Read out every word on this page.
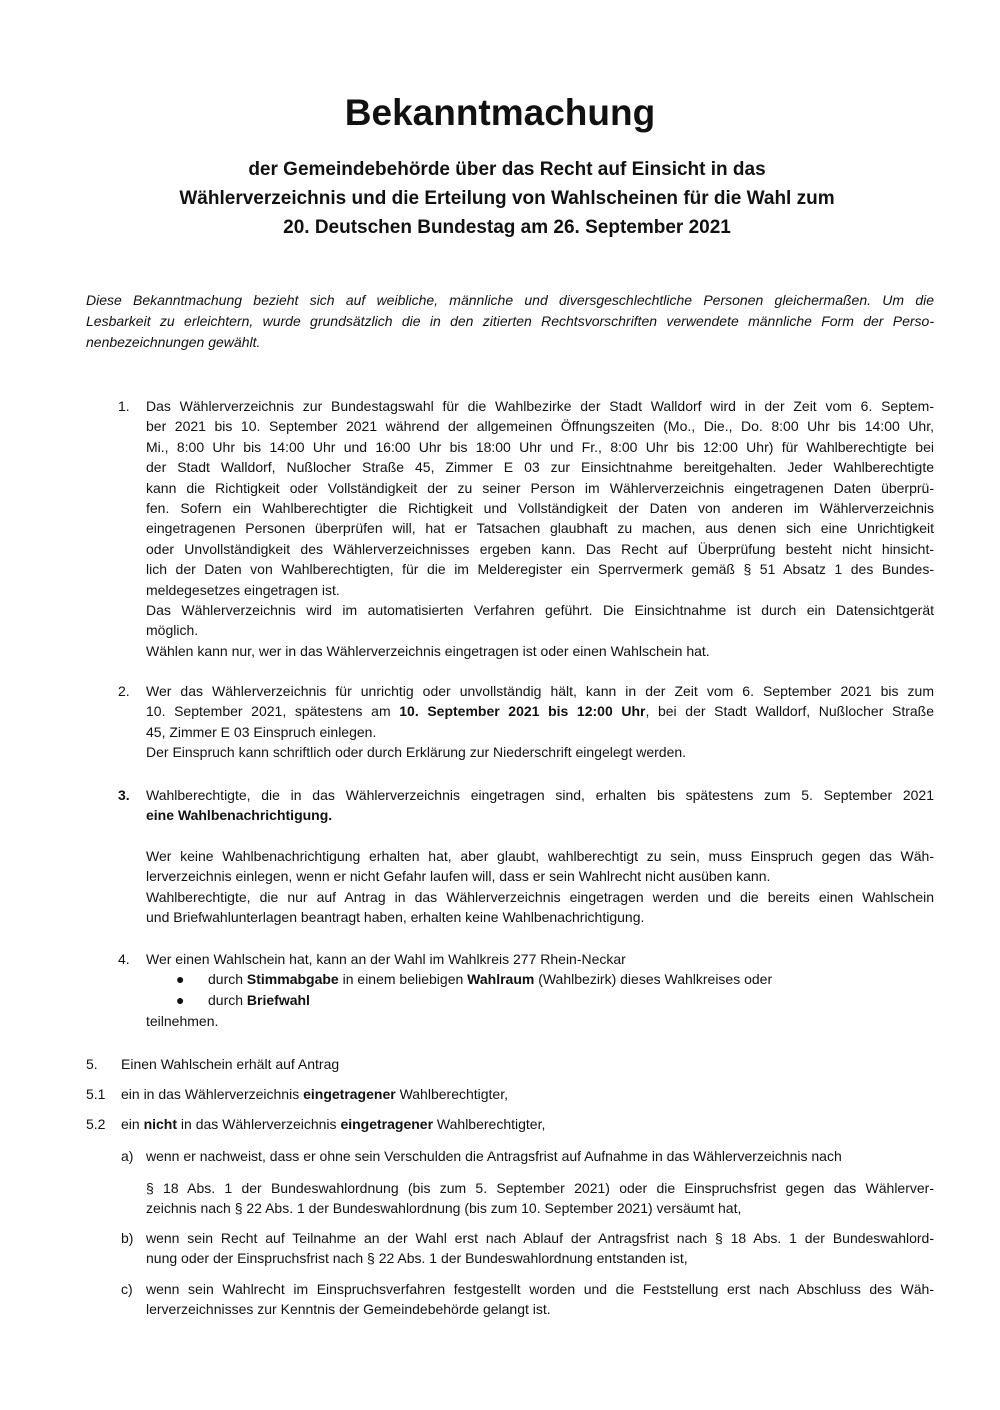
Bekanntmachung
der Gemeindebehörde über das Recht auf Einsicht in das
Wählerverzeichnis und die Erteilung von Wahlscheinen für die Wahl zum
20. Deutschen Bundestag am 26. September 2021
Diese Bekanntmachung bezieht sich auf weibliche, männliche und diversgeschlechtliche Personen gleichermaßen. Um die
Lesbarkeit zu erleichtern, wurde grundsätzlich die in den zitierten Rechtsvorschriften verwendete männliche Form der Perso-
nenbezeichnungen gewählt.
1. Das Wählerverzeichnis zur Bundestagswahl für die Wahlbezirke der Stadt Walldorf wird in der Zeit vom 6. Septem-
ber 2021 bis 10. September 2021 während der allgemeinen Öffnungszeiten (Mo., Die., Do. 8:00 Uhr bis 14:00 Uhr,
Mi., 8:00 Uhr bis 14:00 Uhr und 16:00 Uhr bis 18:00 Uhr und Fr., 8:00 Uhr bis 12:00 Uhr) für Wahlberechtigte bei
der Stadt Walldorf, Nußlocher Straße 45, Zimmer E 03 zur Einsichtnahme bereitgehalten. Jeder Wahlberechtigte
kann die Richtigkeit oder Vollständigkeit der zu seiner Person im Wählerverzeichnis eingetragenen Daten überprü-
fen. Sofern ein Wahlberechtigter die Richtigkeit und Vollständigkeit der Daten von anderen im Wählerverzeichnis
eingetragenen Personen überprüfen will, hat er Tatsachen glaubhaft zu machen, aus denen sich eine Unrichtigkeit
oder Unvollständigkeit des Wählerverzeichnisses ergeben kann. Das Recht auf Überprüfung besteht nicht hinsicht-
lich der Daten von Wahlberechtigten, für die im Melderegister ein Sperrvermerk gemäß § 51 Absatz 1 des Bundes-
meldegesetzes eingetragen ist.
Das Wählerverzeichnis wird im automatisierten Verfahren geführt. Die Einsichtnahme ist durch ein Datensichtgerät
möglich.
Wählen kann nur, wer in das Wählerverzeichnis eingetragen ist oder einen Wahlschein hat.
2. Wer das Wählerverzeichnis für unrichtig oder unvollständig hält, kann in der Zeit vom 6. September 2021 bis zum
10. September 2021, spätestens am 10. September 2021 bis 12:00 Uhr, bei der Stadt Walldorf, Nußlocher Straße
45, Zimmer E 03 Einspruch einlegen.
Der Einspruch kann schriftlich oder durch Erklärung zur Niederschrift eingelegt werden.
3. Wahlberechtigte, die in das Wählerverzeichnis eingetragen sind, erhalten bis spätestens zum 5. September 2021
eine Wahlbenachrichtigung.
Wer keine Wahlbenachrichtigung erhalten hat, aber glaubt, wahlberechtigt zu sein, muss Einspruch gegen das Wäh-
lerverzeichnis einlegen, wenn er nicht Gefahr laufen will, dass er sein Wahlrecht nicht ausüben kann.
Wahlberechtigte, die nur auf Antrag in das Wählerverzeichnis eingetragen werden und die bereits einen Wahlschein
und Briefwahlunterlagen beantragt haben, erhalten keine Wahlbenachrichtigung.
4. Wer einen Wahlschein hat, kann an der Wahl im Wahlkreis 277 Rhein-Neckar
● durch Stimmabgabe in einem beliebigen Wahlraum (Wahlbezirk) dieses Wahlkreises oder
● durch Briefwahl
teilnehmen.
5. Einen Wahlschein erhält auf Antrag
5.1 ein in das Wählerverzeichnis eingetragener Wahlberechtigter,
5.2 ein nicht in das Wählerverzeichnis eingetragener Wahlberechtigter,
a) wenn er nachweist, dass er ohne sein Verschulden die Antragsfrist auf Aufnahme in das Wählerverzeichnis nach
§ 18 Abs. 1 der Bundeswahlordnung (bis zum 5. September 2021) oder die Einspruchsfrist gegen das Wählerver-
zeichnis nach § 22 Abs. 1 der Bundeswahlordnung (bis zum 10. September 2021) versäumt hat,
b) wenn sein Recht auf Teilnahme an der Wahl erst nach Ablauf der Antragsfrist nach § 18 Abs. 1 der Bundeswahlord-
nung oder der Einspruchsfrist nach § 22 Abs. 1 der Bundeswahlordnung entstanden ist,
c) wenn sein Wahlrecht im Einspruchsverfahren festgestellt worden und die Feststellung erst nach Abschluss des Wäh-
lerverzeichnisses zur Kenntnis der Gemeindebehörde gelangt ist.
